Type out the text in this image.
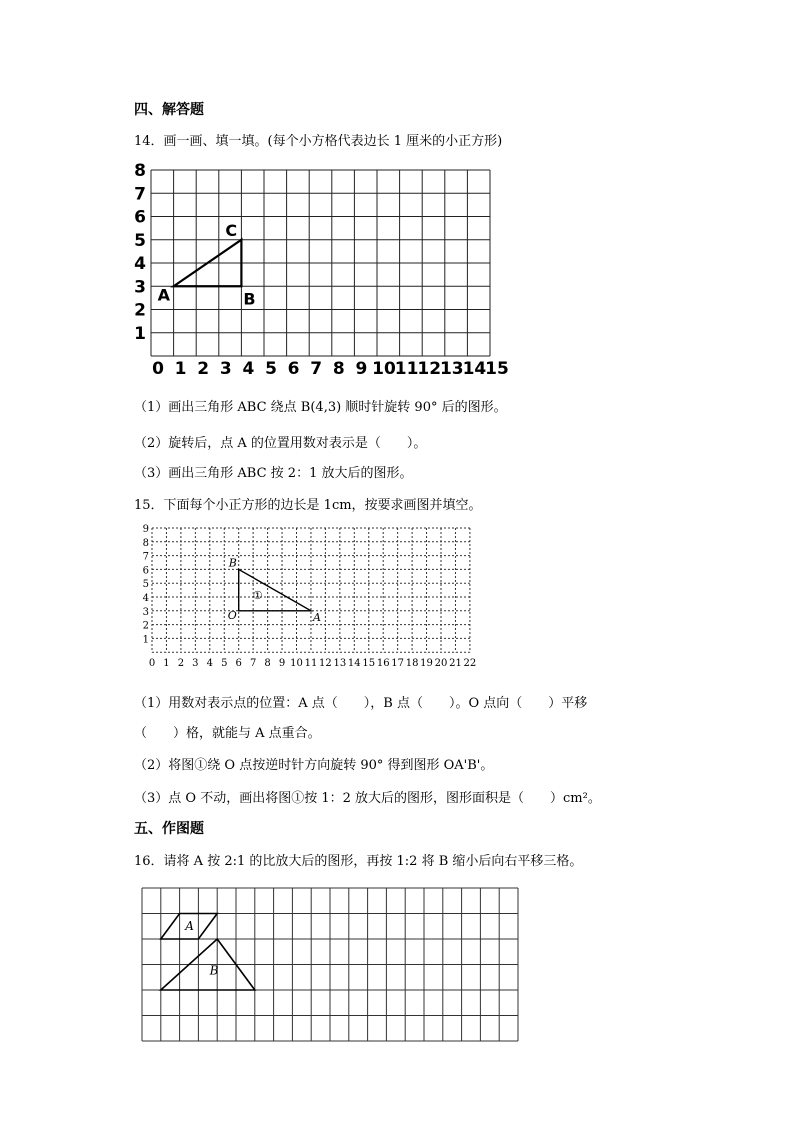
四、解答题
14．画一画、填一填。(每个小方格代表边长 1 厘米的小正方形)
0 1 2 3 4 5 6 7 8 9 10
11
12
13
14
15
1
2
3
4
5
6
7
8
A	B
C
（1）画出三角形 ABC 绕点 B(4,3) 顺时针旋转 90° 后的图形。
（2）旋转后，点 A 的位置用数对表示是（　　）。
（3）画出三角形 ABC 按 2：1 放大后的图形。
15．下面每个小正方形的边长是 1cm，按要求画图并填空。
0 1 2 3 4 5 6 7 8 9 10 11 12 13 14 15 16 17 18 19 20 21 22
1
2
3
4
5
6
7
8
9
B
O	A
①
（1）用数对表示点的位置：A 点（　　），B 点（　　）。O 点向（　　）平移
（　　）格，就能与 A 点重合。
（2）将图①绕 O 点按逆时针方向旋转 90° 得到图形 OA'B'。
（3）点 O 不动，画出将图①按 1：2 放大后的图形，图形面积是（　　）cm²。
五、作图题
16．请将 A 按 2:1 的比放大后的图形，再按 1:2 将 B 缩小后向右平移三格。
A
B
